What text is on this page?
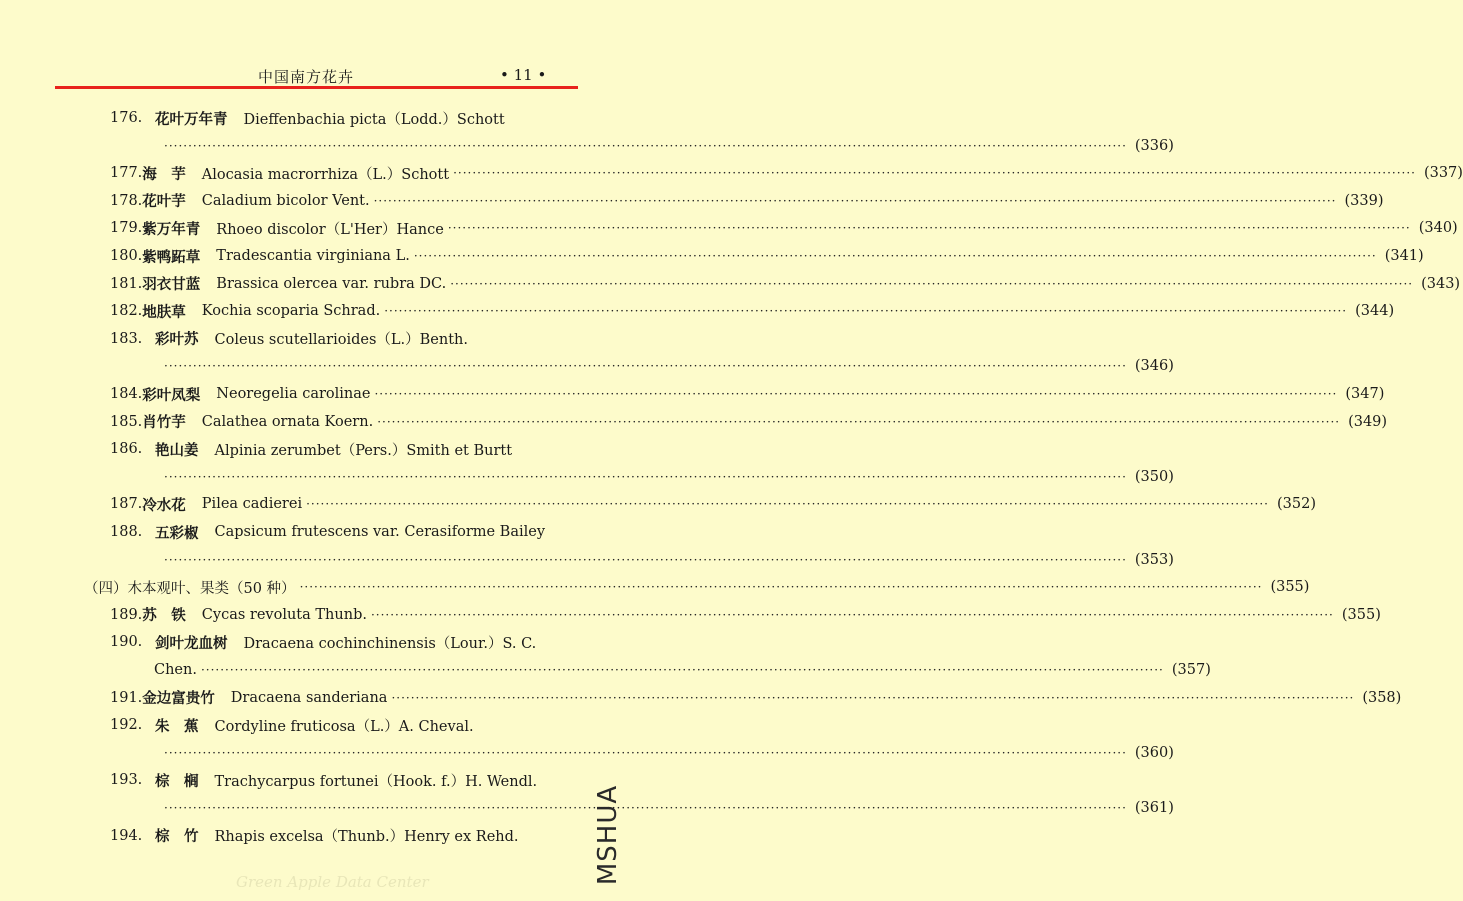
中国南方花卉	• 11 •
176. 花叶万年青 Dieffenbachia picta（Lodd.）Schott
········································································································································································································ (336)
177. 海　芋 Alocasia macrorrhiza（L.）Schott ········································································································································································································ (337)
178. 花叶芋 Caladium bicolor Vent. ········································································································································································································ (339)
179. 紫万年青 Rhoeo discolor（L'Her）Hance ········································································································································································································ (340)
180. 紫鸭跖草 Tradescantia virginiana L. ········································································································································································································ (341)
181. 羽衣甘蓝 Brassica olercea var. rubra DC. ········································································································································································································ (343)
182. 地肤草 Kochia scoparia Schrad. ········································································································································································································ (344)
183. 彩叶苏 Coleus scutellarioides（L.）Benth.
········································································································································································································ (346)
184. 彩叶凤梨 Neoregelia carolinae ········································································································································································································ (347)
185. 肖竹芋 Calathea ornata Koern. ········································································································································································································ (349)
186. 艳山姜 Alpinia zerumbet（Pers.）Smith et Burtt
········································································································································································································ (350)
187. 冷水花 Pilea cadierei ········································································································································································································ (352)
188. 五彩椒 Capsicum frutescens var. Cerasiforme Bailey
········································································································································································································ (353)
（四）木本观叶、果类（50 种） ········································································································································································································ (355)
189. 苏　铁 Cycas revoluta Thunb. ········································································································································································································ (355)
190. 剑叶龙血树 Dracaena cochinchinensis（Lour.）S. C.
Chen. ········································································································································································································ (357)
191. 金边富贵竹 Dracaena sanderiana ········································································································································································································ (358)
192. 朱　蕉 Cordyline fruticosa（L.）A. Cheval.
········································································································································································································ (360)
193. 棕　榈 Trachycarpus fortunei（Hook. f.）H. Wendl.
········································································································································································································ (361)
194. 棕　竹 Rhapis excelsa（Thunb.）Henry ex Rehd.
Green Apple Data Center	MSHUA
